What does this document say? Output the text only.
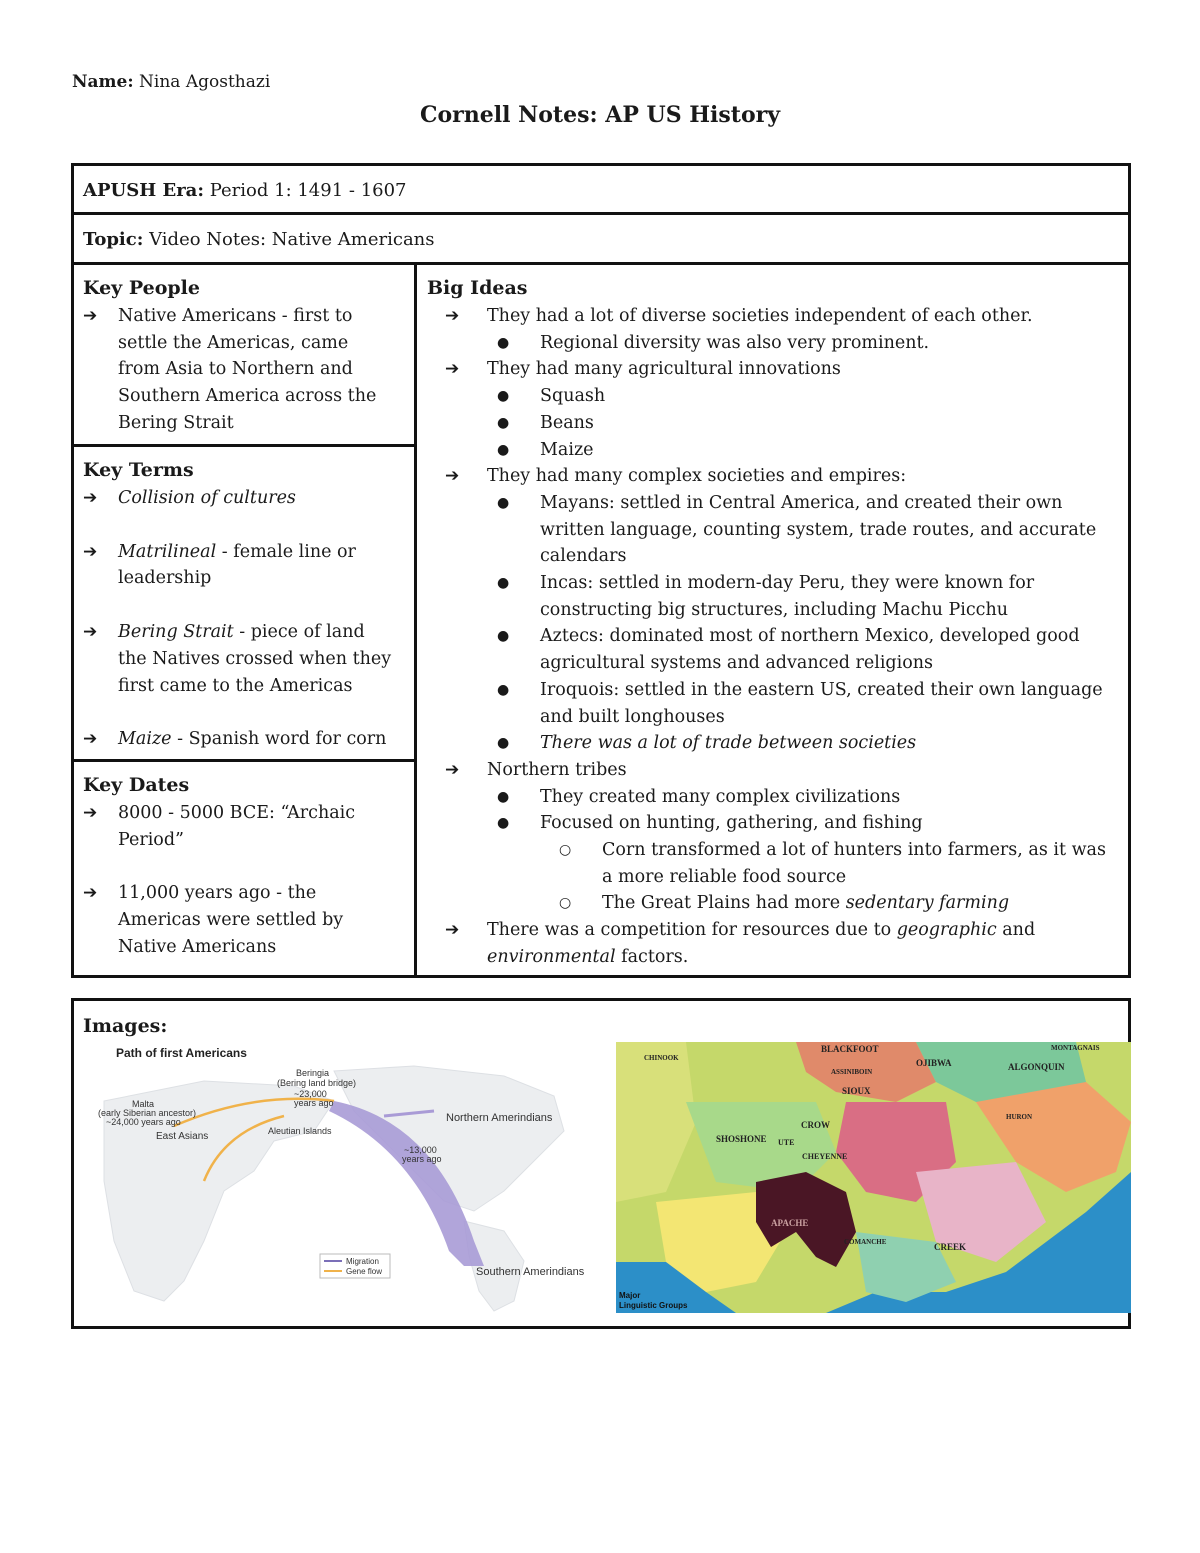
Name: Nina Agosthazi
Cornell Notes: AP US History
APUSH Era: Period 1: 1491 - 1607
Topic: Video Notes: Native Americans
Key People
➔	Native Americans - first to
settle the Americas, came
from Asia to Northern and
Southern America across the
Bering Strait
Key Terms
➔	Collision of cultures
➔	Matrilineal - female line or
leadership
➔	Bering Strait - piece of land
the Natives crossed when they
first came to the Americas
➔	Maize - Spanish word for corn
Key Dates
➔	8000 - 5000 BCE: “Archaic
Period”
➔	11,000 years ago - the
Americas were settled by
Native Americans
Big Ideas
➔	They had a lot of diverse societies independent of each other.
●	Regional diversity was also very prominent.
➔	They had many agricultural innovations
●	Squash
●	Beans
●	Maize
➔	They had many complex societies and empires:
●	Mayans: settled in Central America, and created their own
written language, counting system, trade routes, and accurate
calendars
●	Incas: settled in modern-day Peru, they were known for
constructing big structures, including Machu Picchu
●	Aztecs: dominated most of northern Mexico, developed good
agricultural systems and advanced religions
●	Iroquois: settled in the eastern US, created their own language
and built longhouses
●	There was a lot of trade between societies
➔	Northern tribes
●	They created many complex civilizations
●	Focused on hunting, gathering, and fishing
○	Corn transformed a lot of hunters into farmers, as it was
a more reliable food source
○	The Great Plains had more sedentary farming
➔	There was a competition for resources due to geographic and
environmental factors.
Images:
Path of first Americans
Beringia
(Bering land bridge)
~23,000
years ago
Malta
(early Siberian ancestor)
~24,000 years ago
East Asians	Aleutian Islands
Northern Amerindians
~13,000
years ago
Southern Amerindians
Migration
Gene flow
BLACKFOOT
OJIBWA	ALGONQUIN
ASSINIBOIN
SIOUX
CROW
SHOSHONE UTE
CHEYENNE
APACHE
COMANCHE	CREEK
HURON
MONTAGNAIS
CHINOOK
Major
Linguistic Groups
